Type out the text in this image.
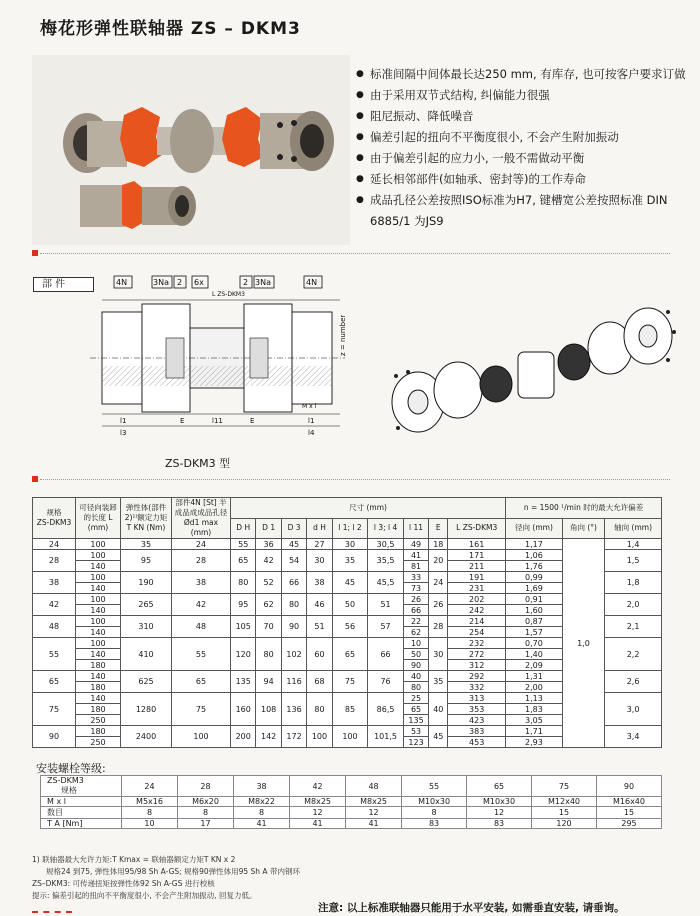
梅花形弹性联轴器 ZS – DKM3
● 标准间隔中间体最长达250 mm, 有库存, 也可按客户要求订做
● 由于采用双节式结构, 纠偏能力很强
● 阻尼振动、降低噪音
● 偏差引起的扭向不平衡度很小, 不会产生附加振动
● 由于偏差引起的应力小, 一般不需做动平衡
● 延长相邻部件(如轴承、密封等)的工作寿命
● 成品孔径公差按照ISO标准为H7, 键槽宽公差按照标准 DIN 6885/1 为JS9
部 件	4N	3Na 2 6x	2 3Na	4N
L ZS-DKM3
z = number
M x l
l1
l3
E	l11	E	l1
l4
ZS-DKM3 型
规格
ZS-DKM3	可径向装卸的长度 L (mm)	弹性体(部件2)¹⁾额定力矩 T KN (Nm)	部件4N [St] 半成品成成品孔径 Ød1 max (mm)	尺寸 (mm)									n = 1500 ¹/min 时的最大允许偏差		
				D H	D 1	D 3	d H	l 1; l 2	l 3; l 4	l 11	E	L ZS-DKM3	径向 (mm)	角向 (°)	轴向 (mm)
24	100	35	24	55	36	45	27	30	30,5	49	18	161	1,17	1,0	1,4
28	100	95	28	65	42	54	30	35	35,5	41	20	171	1,06		1,5
	140									81		211	1,76		
38	100	190	38	80	52	66	38	45	45,5	33	24	191	0,99		1,8
	140									73		231	1,69		
42	100	265	42	95	62	80	46	50	51	26	26	202	0,91		2,0
	140									66		242	1,60		
48	100	310	48	105	70	90	51	56	57	22	28	214	0,87		2,1
	140									62		254	1,57		
55	100	410	55	120	80	102	60	65	66	10	30	232	0,70		2,2
	140									50		272	1,40		
	180									90		312	2,09		
65	140	625	65	135	94	116	68	75	76	40	35	292	1,31		2,6
	180									80		332	2,00		
75	140	1280	75	160	108	136	80	85	86,5	25	40	313	1,13		3,0
	180									65		353	1,83		
	250									135		423	3,05		
90	180	2400	100	200	142	172	100	100	101,5	53	45	383	1,71		3,4
	250									123		453	2,93		
安装螺栓等级:
ZS-DKM3
规格	24	28	38	42	48	55	65	75	90
M x l	M5x16	M6x20	M8x22	M8x25	M8x25	M10x30	M10x30	M12x40	M16x40
数目	8	8	8	12	12	8	12	15	15
T A [Nm]	10	17	41	41	41	83	83	120	295
1) 联轴器最大允许力矩:T Kmax = 联轴器额定力矩T KN x 2
规格24 到75, 弹性体用95/98 Sh A-GS; 规格90弹性体用95 Sh A 带内钢环
ZS–DKM3: 可传递扭矩按弹性体92 Sh A-GS 进行校核
提示: 偏差引起的扭向不平衡度很小, 不会产生附加振动, 回复力低。
注意: 以上标准联轴器只能用于水平安装, 如需垂直安装, 请垂询。
